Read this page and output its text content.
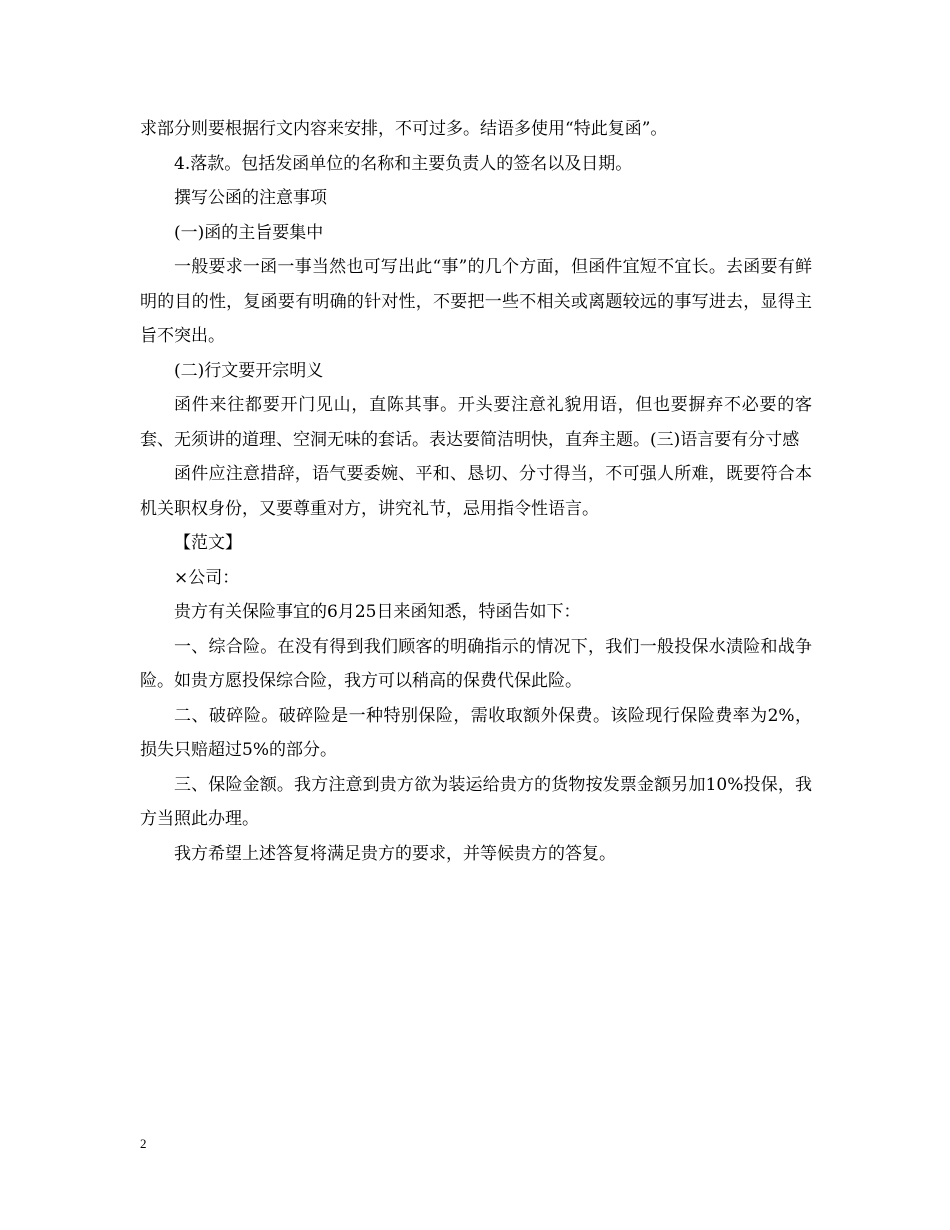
求部分则要根据行文内容来安排，不可过多。结语多使用“特此复函”。

4.落款。包括发函单位的名称和主要负责人的签名以及日期。

撰写公函的注意事项

(一)函的主旨要集中

一般要求一函一事当然也可写出此“事”的几个方面，但函件宜短不宜长。去函要有鲜明的目的性，复函要有明确的针对性，不要把一些不相关或离题较远的事写进去，显得主旨不突出。

(二)行文要开宗明义

函件来往都要开门见山，直陈其事。开头要注意礼貌用语，但也要摒弃不必要的客套、无须讲的道理、空洞无味的套话。表达要简洁明快，直奔主题。(三)语言要有分寸感

函件应注意措辞，语气要委婉、平和、恳切、分寸得当，不可强人所难，既要符合本机关职权身份，又要尊重对方，讲究礼节，忌用指令性语言。

【范文】

×公司：

贵方有关保险事宜的6月25日来函知悉，特函告如下：

一、综合险。在没有得到我们顾客的明确指示的情况下，我们一般投保水渍险和战争险。如贵方愿投保综合险，我方可以稍高的保费代保此险。

二、破碎险。破碎险是一种特别保险，需收取额外保费。该险现行保险费率为2%，损失只赔超过5%的部分。

三、保险金额。我方注意到贵方欲为装运给贵方的货物按发票金额另加10%投保，我方当照此办理。

我方希望上述答复将满足贵方的要求，并等候贵方的答复。

2
